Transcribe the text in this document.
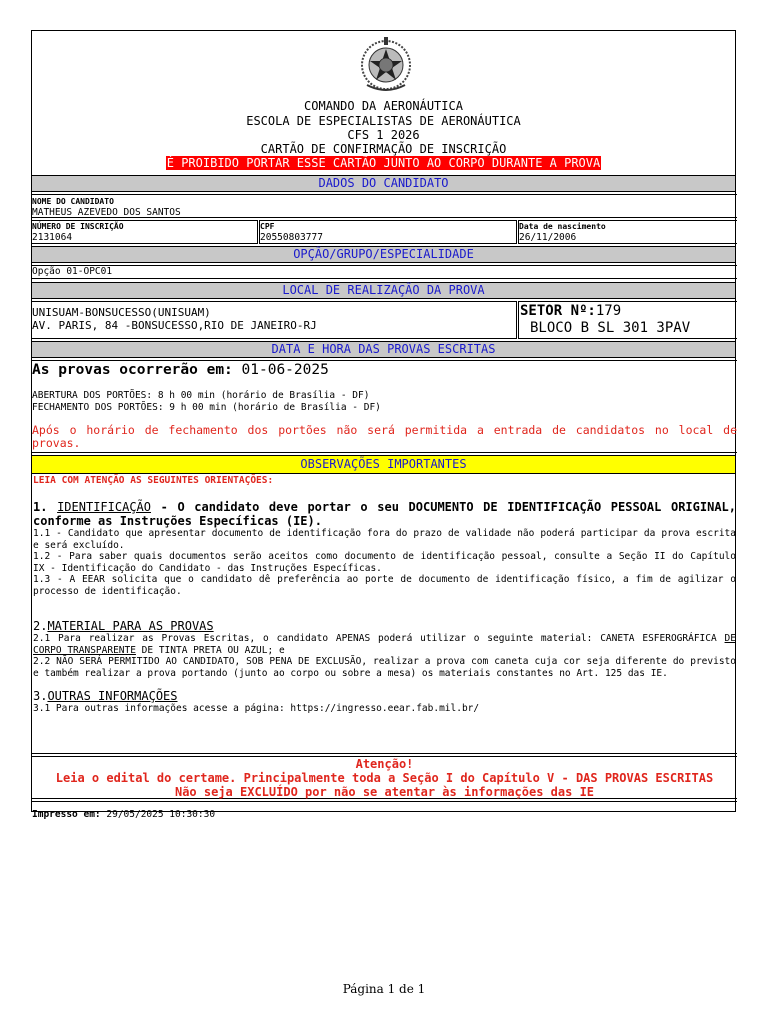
COMANDO DA AERONÁUTICA
ESCOLA DE ESPECIALISTAS DE AERONÁUTICA
CFS 1 2026
CARTÃO DE CONFIRMAÇÃO DE INSCRIÇÃO
É PROIBIDO PORTAR ESSE CARTÃO JUNTO AO CORPO DURANTE A PROVA
DADOS DO CANDIDATO
NOME DO CANDIDATO
MATHEUS AZEVEDO DOS SANTOS
NÚMERO DE INSCRIÇÃO
2131064
CPF
20550803777
Data de nascimento
26/11/2006
OPÇÃO/GRUPO/ESPECIALIDADE
Opção 01-OPC01
LOCAL DE REALIZAÇÃO DA PROVA
UNISUAM-BONSUCESSO(UNISUAM)
AV. PARIS, 84 -BONSUCESSO,RIO DE JANEIRO-RJ
SETOR Nº:179
BLOCO B SL 301 3PAV
DATA E HORA DAS PROVAS ESCRITAS
As provas ocorrerão em: 01-06-2025
ABERTURA DOS PORTÕES: 8 h 00 min (horário de Brasília - DF)
FECHAMENTO DOS PORTÕES: 9 h 00 min (horário de Brasília - DF)
Após o horário de fechamento dos portões não será permitida a entrada de candidatos no local de provas.
OBSERVAÇÕES IMPORTANTES
LEIA COM ATENÇÃO AS SEGUINTES ORIENTAÇÕES:
1. IDENTIFICAÇÃO - O candidato deve portar o seu DOCUMENTO DE IDENTIFICAÇÃO PESSOAL ORIGINAL, conforme as Instruções Específicas (IE).
1.1 - Candidato que apresentar documento de identificação fora do prazo de validade não poderá participar da prova escrita e será excluído.
1.2 - Para saber quais documentos serão aceitos como documento de identificação pessoal, consulte a Seção II do Capítulo IX - Identificação do Candidato - das Instruções Específicas.
1.3 - A EEAR solicita que o candidato dê preferência ao porte de documento de identificação físico, a fim de agilizar o processo de identificação.
2.MATERIAL PARA AS PROVAS
2.1 Para realizar as Provas Escritas, o candidato APENAS poderá utilizar o seguinte material: CANETA ESFEROGRÁFICA DE CORPO TRANSPARENTE DE TINTA PRETA OU AZUL; e
2.2 NÃO SERÁ PERMITIDO AO CANDIDATO, SOB PENA DE EXCLUSÃO, realizar a prova com caneta cuja cor seja diferente do previsto e também realizar a prova portando (junto ao corpo ou sobre a mesa) os materiais constantes no Art. 125 das IE.
3.OUTRAS INFORMAÇÕES
3.1 Para outras informações acesse a página: https://ingresso.eear.fab.mil.br/
Atenção!
Leia o edital do certame. Principalmente toda a Seção I do Capítulo V - DAS PROVAS ESCRITAS
Não seja EXCLUÍDO por não se atentar às informações das IE
Impresso em: 29/05/2025 10:30:30
Página 1 de 1
